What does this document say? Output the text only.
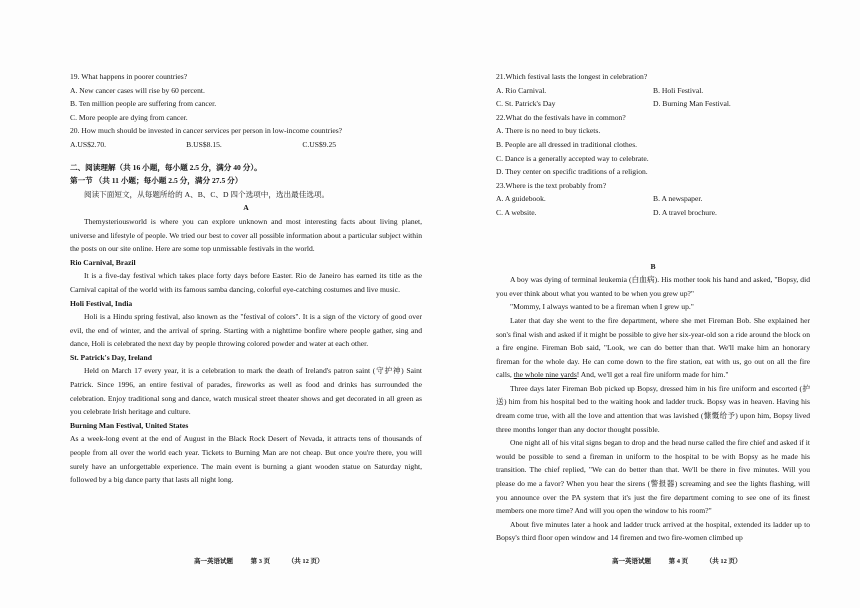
19. What happens in poorer countries?
A. New cancer cases will rise by 60 percent.
B. Ten million people are suffering from cancer.
C. More people are dying from cancer.
20. How much should be invested in cancer services per person in low-income countries?
A.US$2.70.	B.US$8.15.	C.US$9.25
二、阅读理解（共 16 小题，每小题 2.5 分，满分 40 分）。
第一节 （共 11 小题；每小题 2.5 分，满分 27.5 分）
阅读下面短文，从每题所给的 A、B、C、D 四个选项中，选出最佳选项。
A
Themysteriousworld is where you can explore unknown and most interesting facts about living planet, universe and lifestyle of people. We tried our best to cover all possible information about a particular subject within the posts on our site online. Here are some top unmissable festivals in the world.
Rio Carnival, Brazil
It is a five-day festival which takes place forty days before Easter. Rio de Janeiro has earned its title as the Carnival capital of the world with its famous samba dancing, colorful eye-catching costumes and live music.
Holi Festival, India
Holi is a Hindu spring festival, also known as the "festival of colors". It is a sign of the victory of good over evil, the end of winter, and the arrival of spring. Starting with a nighttime bonfire where people gather, sing and dance, Holi is celebrated the next day by people throwing colored powder and water at each other.
St. Patrick's Day, Ireland
Held on March 17 every year, it is a celebration to mark the death of Ireland's patron saint (守护神) Saint Patrick. Since 1996, an entire festival of parades, fireworks as well as food and drinks has surrounded the celebration. Enjoy traditional song and dance, watch musical street theater shows and get decorated in all green as you celebrate Irish heritage and culture.
Burning Man Festival, United States
As a week-long event at the end of August in the Black Rock Desert of Nevada, it attracts tens of thousands of people from all over the world each year. Tickets to Burning Man are not cheap. But once you're there, you will surely have an unforgettable experience. The main event is burning a giant wooden statue on Saturday night, followed by a big dance party that lasts all night long.
21.Which festival lasts the longest in celebration?
A. Rio Carnival.	B. Holi Festival.
C. St. Patrick's Day	D. Burning Man Festival.
22.What do the festivals have in common?
A. There is no need to buy tickets.
B. People are all dressed in traditional clothes.
C. Dance is a generally accepted way to celebrate.
D. They center on specific traditions of a religion.
23.Where is the text probably from?
A. A guidebook.	B. A newspaper.
C. A website.	D. A travel brochure.
B
A boy was dying of terminal leukemia (白血病). His mother took his hand and asked, "Bopsy, did you ever think about what you wanted to be when you grew up?"
"Mommy, I always wanted to be a fireman when I grew up."
Later that day she went to the fire department, where she met Fireman Bob. She explained her son's final wish and asked if it might be possible to give her six-year-old son a ride around the block on a fire engine. Fireman Bob said, "Look, we can do better than that. We'll make him an honorary fireman for the whole day. He can come down to the fire station, eat with us, go out on all the fire calls, the whole nine yards! And, we'll get a real fire uniform made for him."
Three days later Fireman Bob picked up Bopsy, dressed him in his fire uniform and escorted (护送) him from his hospital bed to the waiting hook and ladder truck. Bopsy was in heaven. Having his dream come true, with all the love and attention that was lavished (慷慨给予) upon him, Bopsy lived three months longer than any doctor thought possible.
One night all of his vital signs began to drop and the head nurse called the fire chief and asked if it would be possible to send a fireman in uniform to the hospital to be with Bopsy as he made his transition. The chief replied, "We can do better than that. We'll be there in five minutes. Will you please do me a favor? When you hear the sirens (警报器) screaming and see the lights flashing, will you announce over the PA system that it's just the fire department coming to see one of its finest members one more time? And will you open the window to his room?"
About five minutes later a hook and ladder truck arrived at the hospital, extended its ladder up to Bopsy's third floor open window and 14 firemen and two fire-women climbed up
高一英语试题	第 3 页	（共 12 页）	高一英语试题	第 4 页	（共 12 页）
